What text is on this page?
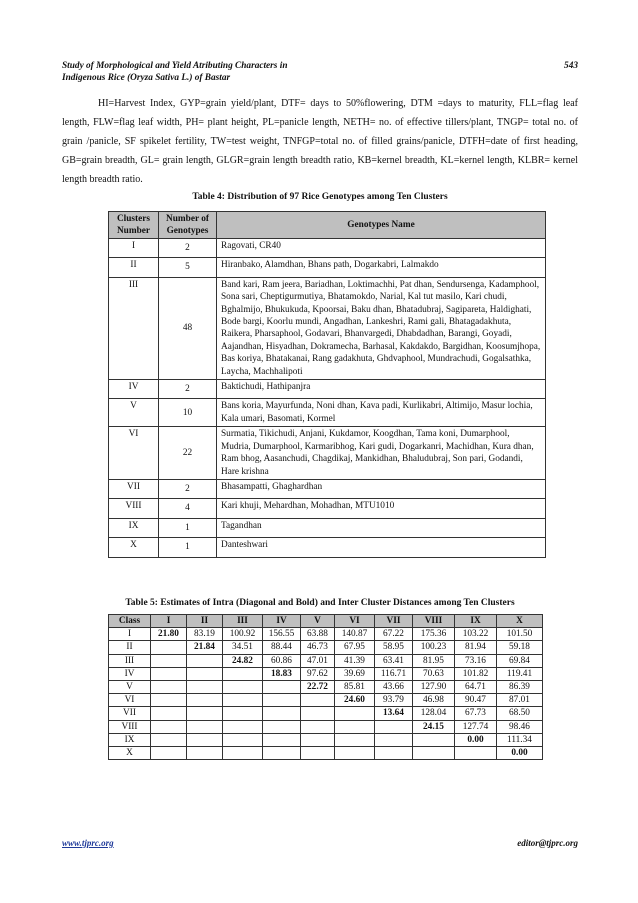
Study of Morphological and Yield Atributing Characters in
Indigenous Rice (Oryza Sativa L.) of Bastar
543

HI=Harvest Index, GYP=grain yield/plant, DTF= days to 50%flowering, DTM =days to maturity, FLL=flag leaf length, FLW=flag leaf width, PH= plant height, PL=panicle length, NETH= no. of effective tillers/plant, TNGP= total no. of grain /panicle, SF spikelet fertility, TW=test weight, TNFGP=total no. of filled grains/panicle, DTFH=date of first heading, GB=grain breadth, GL= grain length, GLGR=grain length breadth ratio, KB=kernel breadth, KL=kernel length, KLBR= kernel length breadth ratio.

Table 4: Distribution of 97 Rice Genotypes among Ten Clusters
Clusters Number	Number of Genotypes	Genotypes Name
I	2	Ragovati, CR40
II	5	Hiranbako, Alamdhan, Bhans path, Dogarkabri, Lalmakdo
III	48	Band kari, Ram jeera, Bariadhan, Loktimachhi, Pat dhan, Sendursenga, Kadamphool, Sona sari, Cheptigurmutiya, Bhatamokdo, Narial, Kal tut masilo, Kari chudi, Bghalmijo, Bhukukuda, Kpoorsai, Baku dhan, Bhatadubraj, Sagipareta, Haldighati, Bode bargi, Koorlu mundi, Angadhan, Lankeshri, Rami gali, Bhatagadakhuta, Raikera, Pharsaphool, Godavari, Bhanvargedi, Dhabdadhan, Barangi, Goyadi, Aajandhan, Hisyadhan, Dokramecha, Barhasal, Kakdakdo, Bargidhan, Koosumjhopa, Bas koriya, Bhatakanai, Rang gadakhuta, Ghdvaphool, Mundrachudi, Gogalsathka, Laycha, Machhalipoti
IV	2	Baktichudi, Hathipanjra
V	10	Bans koria, Mayurfunda, Noni dhan, Kava padi, Kurlikabri, Altimijo, Masur lochia, Kala umari, Basomati, Kormel
VI	22	Surmatia, Tikichudi, Anjani, Kukdamor, Koogdhan, Tama koni, Dumarphool, Mudria, Dumarphool, Karmaribhog, Kari gudi, Dogarkanri, Machidhan, Kura dhan, Ram bhog, Aasanchudi, Chagdikaj, Mankidhan, Bhaludubraj, Son pari, Godandi, Hare krishna
VII	2	Bhasampatti, Ghaghardhan
VIII	4	Kari khuji, Mehardhan, Mohadhan, MTU1010
IX	1	Tagandhan
X	1	Danteshwari
Table 5: Estimates of Intra (Diagonal and Bold) and Inter Cluster Distances among Ten Clusters
Class	I	II	III	IV	V	VI	VII	VIII	IX	X
I	21.80	83.19	100.92	156.55	63.88	140.87	67.22	175.36	103.22	101.50
II		21.84	34.51	88.44	46.73	67.95	58.95	100.23	81.94	59.18
III			24.82	60.86	47.01	41.39	63.41	81.95	73.16	69.84
IV				18.83	97.62	39.69	116.71	70.63	101.82	119.41
V					22.72	85.81	43.66	127.90	64.71	86.39
VI						24.60	93.79	46.98	90.47	87.01
VII							13.64	128.04	67.73	68.50
VIII								24.15	127.74	98.46
IX									0.00	111.34
X										0.00
www.tjprc.org	editor@tjprc.org
